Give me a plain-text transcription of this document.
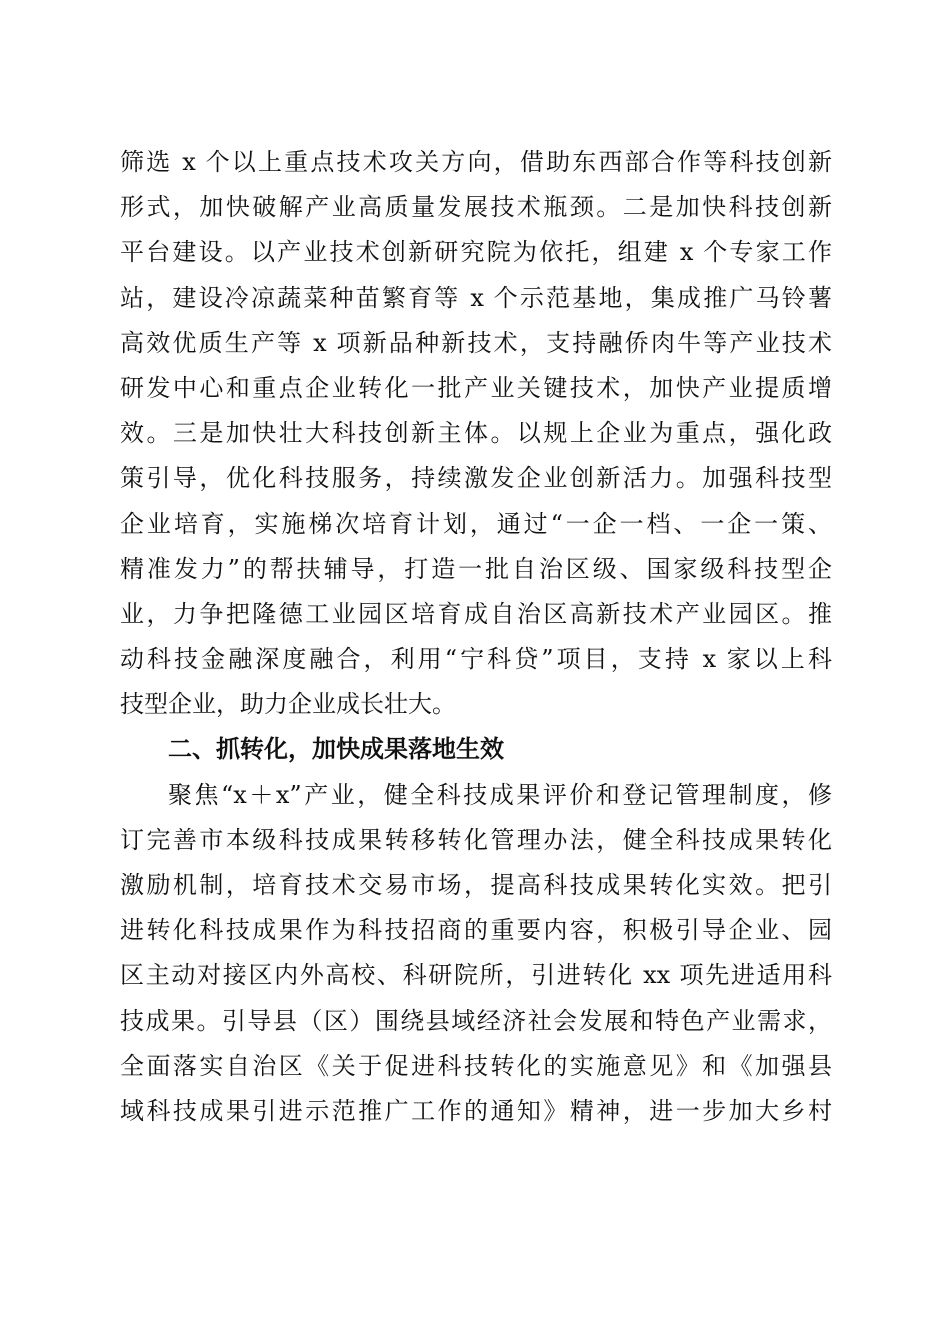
筛选 x 个以上重点技术攻关方向，借助东西部合作等科技创新
形式，加快破解产业高质量发展技术瓶颈。二是加快科技创新
平台建设。以产业技术创新研究院为依托，组建 x 个专家工作
站，建设冷凉蔬菜种苗繁育等 x 个示范基地，集成推广马铃薯
高效优质生产等 x 项新品种新技术，支持融侨肉牛等产业技术
研发中心和重点企业转化一批产业关键技术，加快产业提质增
效。三是加快壮大科技创新主体。以规上企业为重点，强化政
策引导，优化科技服务，持续激发企业创新活力。加强科技型
企业培育，实施梯次培育计划，通过“一企一档、一企一策、
精准发力”的帮扶辅导，打造一批自治区级、国家级科技型企
业，力争把隆德工业园区培育成自治区高新技术产业园区。推
动科技金融深度融合，利用“宁科贷”项目，支持 x 家以上科
技型企业，助力企业成长壮大。
二、抓转化，加快成果落地生效
聚焦“x＋x”产业，健全科技成果评价和登记管理制度，修
订完善市本级科技成果转移转化管理办法，健全科技成果转化
激励机制，培育技术交易市场，提高科技成果转化实效。把引
进转化科技成果作为科技招商的重要内容，积极引导企业、园
区主动对接区内外高校、科研院所，引进转化 xx 项先进适用科
技成果。引导县（区）围绕县域经济社会发展和特色产业需求，
全面落实自治区《关于促进科技转化的实施意见》和《加强县
域科技成果引进示范推广工作的通知》精神，进一步加大乡村
